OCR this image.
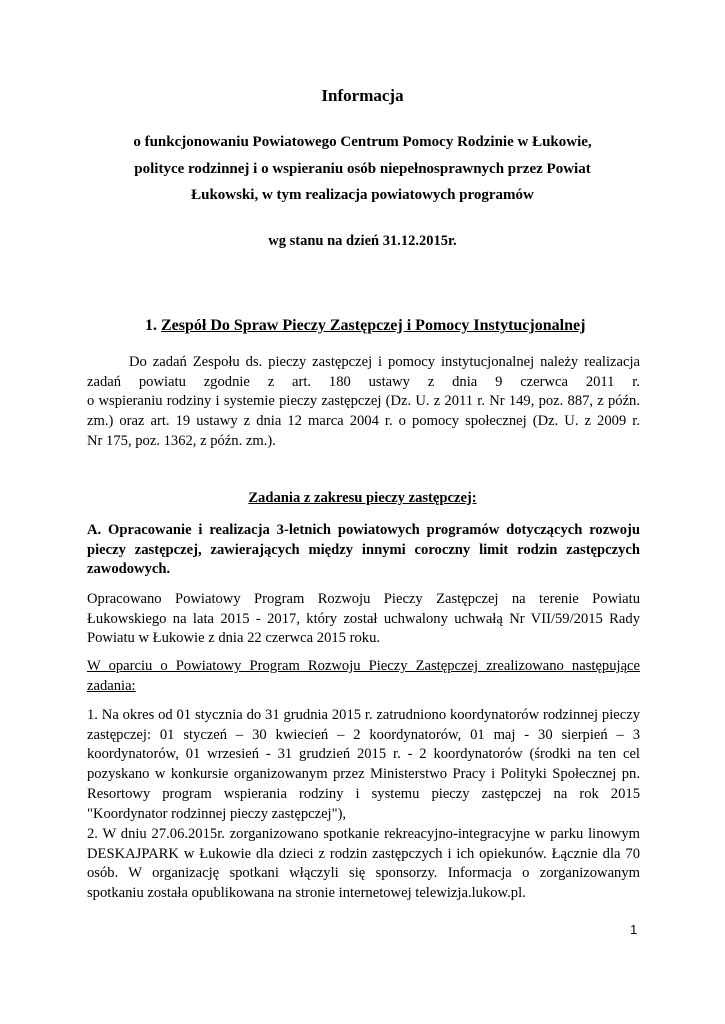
Informacja
o funkcjonowaniu Powiatowego Centrum Pomocy Rodzinie w Łukowie,
polityce rodzinnej i o wspieraniu osób niepełnosprawnych przez Powiat
Łukowski, w tym realizacja powiatowych programów
wg stanu na dzień 31.12.2015r.
1. Zespół Do Spraw Pieczy Zastępczej i Pomocy Instytucjonalnej
Do zadań Zespołu ds. pieczy zastępczej i pomocy instytucjonalnej należy realizacja
zadań powiatu zgodnie z art. 180 ustawy z dnia 9 czerwca 2011 r.
o wspieraniu rodziny i systemie pieczy zastępczej (Dz. U. z 2011 r. Nr 149, poz. 887, z późn.
zm.) oraz art. 19 ustawy z dnia 12 marca 2004 r. o pomocy społecznej (Dz. U. z 2009 r.
Nr 175, poz. 1362, z późn. zm.).
Zadania z zakresu pieczy zastępczej:
A. Opracowanie i realizacja 3-letnich powiatowych programów dotyczących rozwoju
pieczy zastępczej, zawierających między innymi coroczny limit rodzin zastępczych
zawodowych.
Opracowano Powiatowy Program Rozwoju Pieczy Zastępczej na terenie Powiatu
Łukowskiego na lata 2015 - 2017, który został uchwalony uchwałą Nr VII/59/2015 Rady
Powiatu w Łukowie z dnia 22 czerwca 2015 roku.
W oparciu o Powiatowy Program Rozwoju Pieczy Zastępczej zrealizowano następujące
zadania:
1. Na okres od 01 stycznia do 31 grudnia 2015 r. zatrudniono koordynatorów rodzinnej pieczy
zastępczej: 01 styczeń – 30 kwiecień – 2 koordynatorów, 01 maj - 30 sierpień – 3
koordynatorów, 01 wrzesień - 31 grudzień 2015 r. - 2 koordynatorów (środki na ten cel
pozyskano w konkursie organizowanym przez Ministerstwo Pracy i Polityki Społecznej pn.
Resortowy program wspierania rodziny i systemu pieczy zastępczej na rok 2015
"Koordynator rodzinnej pieczy zastępczej"),
2. W dniu 27.06.2015r. zorganizowano spotkanie rekreacyjno-integracyjne w parku linowym
DESKAJPARK w Łukowie dla dzieci z rodzin zastępczych i ich opiekunów. Łącznie dla 70
osób. W organizację spotkani włączyli się sponsorzy. Informacja o zorganizowanym
spotkaniu została opublikowana na stronie internetowej telewizja.lukow.pl.
1
